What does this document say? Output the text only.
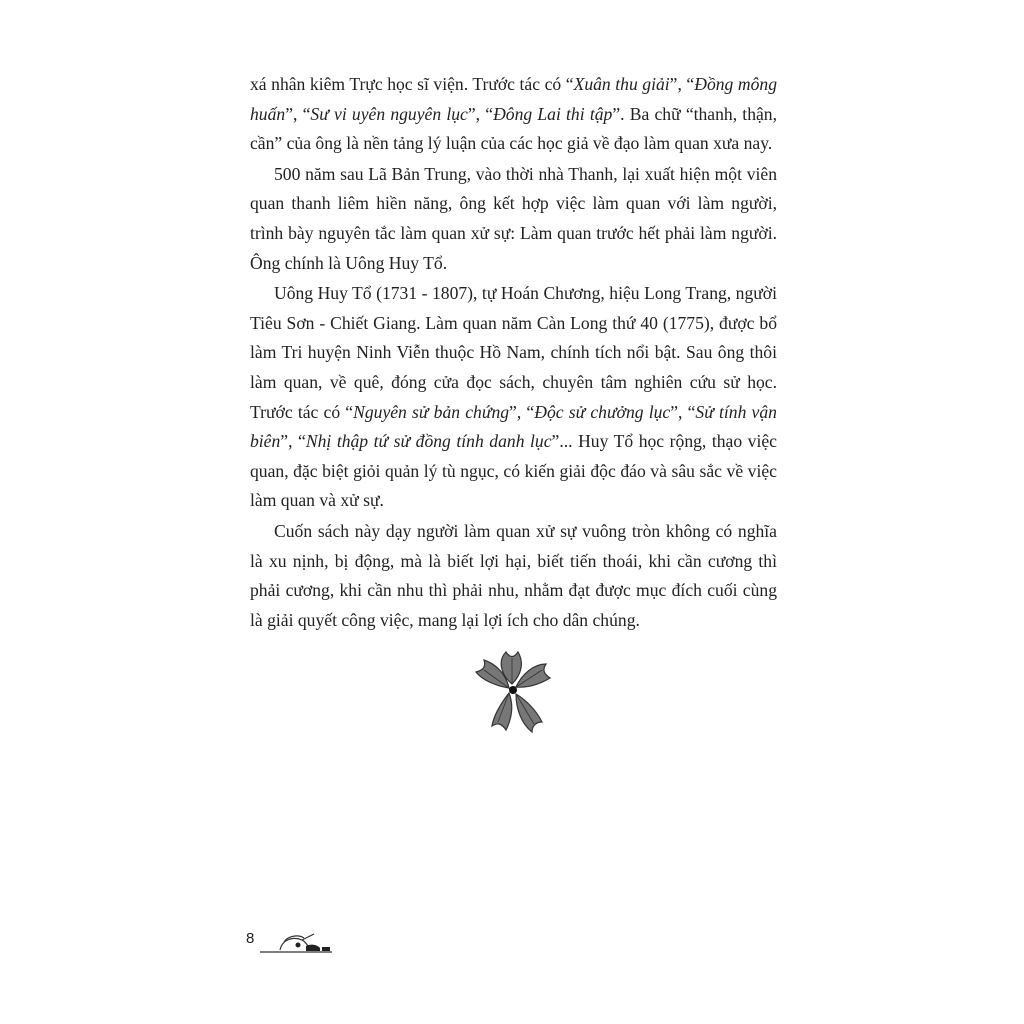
xá nhân kiêm Trực học sĩ viện. Trước tác có “Xuân thu giải”, “Đồng mông huấn”, “Sư vi uyên nguyên lục”, “Đông Lai thi tập”. Ba chữ “thanh, thận, cần” của ông là nền tảng lý luận của các học giả về đạo làm quan xưa nay.

500 năm sau Lã Bản Trung, vào thời nhà Thanh, lại xuất hiện một viên quan thanh liêm hiền năng, ông kết hợp việc làm quan với làm người, trình bày nguyên tắc làm quan xử sự: Làm quan trước hết phải làm người. Ông chính là Uông Huy Tổ.

Uông Huy Tổ (1731 - 1807), tự Hoán Chương, hiệu Long Trang, người Tiêu Sơn - Chiết Giang. Làm quan năm Càn Long thứ 40 (1775), được bổ làm Tri huyện Ninh Viễn thuộc Hồ Nam, chính tích nổi bật. Sau ông thôi làm quan, về quê, đóng cửa đọc sách, chuyên tâm nghiên cứu sử học. Trước tác có “Nguyên sử bản chứng”, “Độc sử chưởng lục”, “Sử tính vận biên”, “Nhị thập tứ sử đồng tính danh lục”... Huy Tổ học rộng, thạo việc quan, đặc biệt giỏi quản lý tù ngục, có kiến giải độc đáo và sâu sắc về việc làm quan và xử sự.

Cuốn sách này dạy người làm quan xử sự vuông tròn không có nghĩa là xu nịnh, bị động, mà là biết lợi hại, biết tiến thoái, khi cần cương thì phải cương, khi cần nhu thì phải nhu, nhằm đạt được mục đích cuối cùng là giải quyết công việc, mang lại lợi ích cho dân chúng.

8
